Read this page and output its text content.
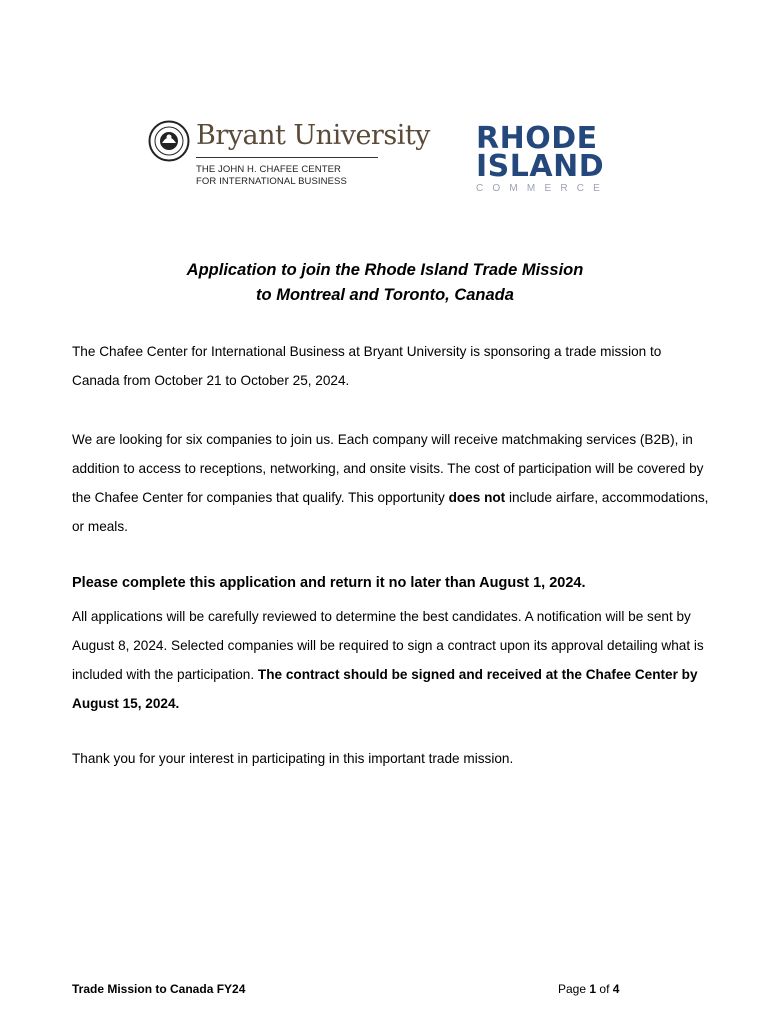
Bryant University
THE JOHN H. CHAFEE CENTER
FOR INTERNATIONAL BUSINESS
RHODE
ISLAND
COMMERCE
Application to join the Rhode Island Trade Mission
to Montreal and Toronto, Canada
The Chafee Center for International Business at Bryant University is sponsoring a trade mission to Canada from October 21 to October 25, 2024.
We are looking for six companies to join us. Each company will receive matchmaking services (B2B), in addition to access to receptions, networking, and onsite visits. The cost of participation will be covered by the Chafee Center for companies that qualify. This opportunity does not include airfare, accommodations, or meals.
Please complete this application and return it no later than August 1, 2024.
All applications will be carefully reviewed to determine the best candidates. A notification will be sent by August 8, 2024. Selected companies will be required to sign a contract upon its approval detailing what is included with the participation. The contract should be signed and received at the Chafee Center by August 15, 2024.
Thank you for your interest in participating in this important trade mission.
Trade Mission to Canada FY24	Page 1 of 4
